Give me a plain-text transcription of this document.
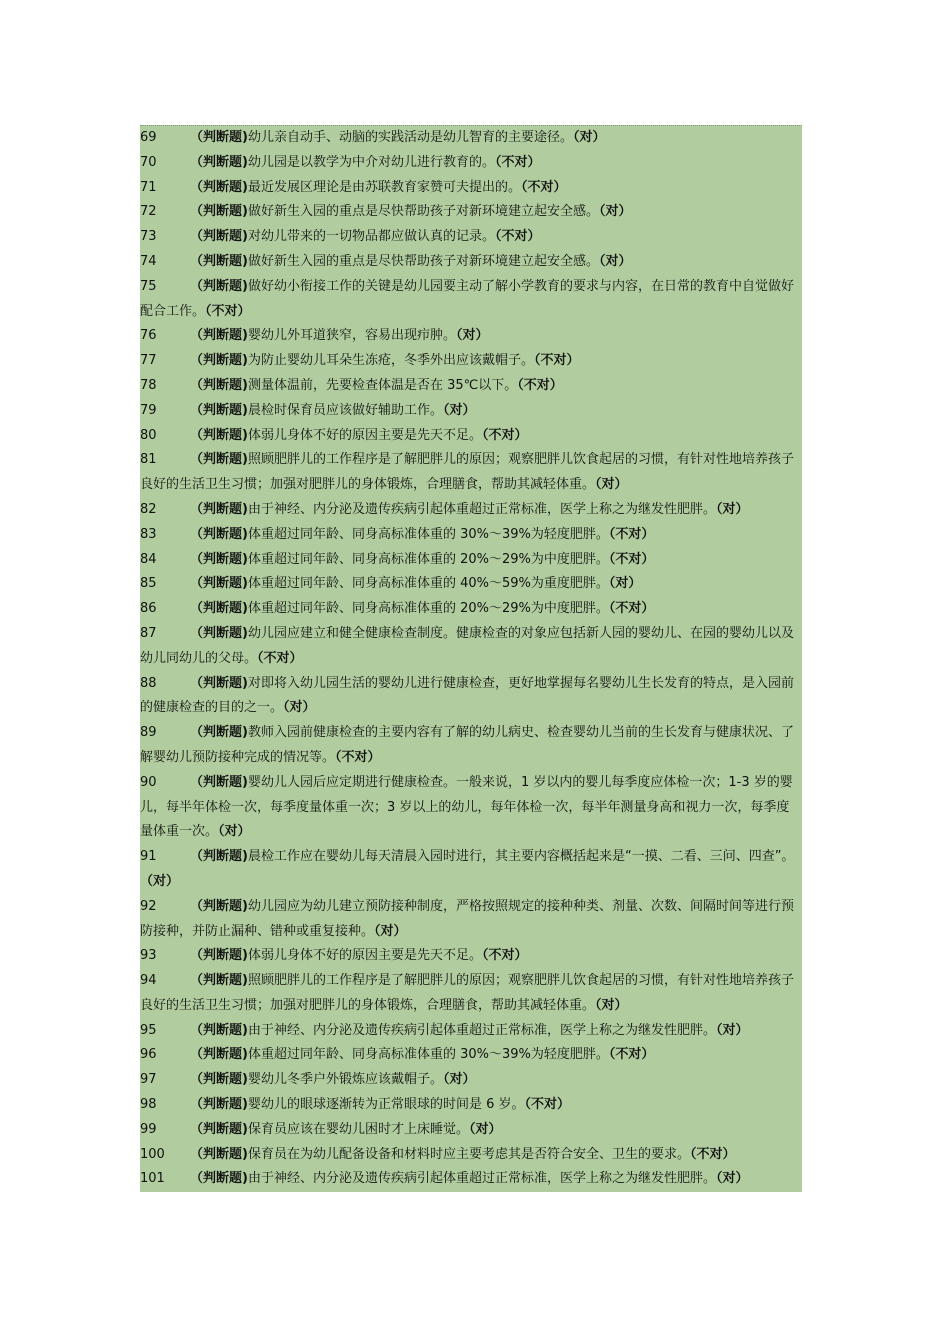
69	（判断题)幼儿亲自动手、动脑的实践活动是幼儿智育的主要途径。（对）
70	（判断题)幼儿园是以教学为中介对幼儿进行教育的。（不对）
71	（判断题)最近发展区理论是由苏联教育家赞可夫提出的。（不对）
72	（判断题)做好新生入园的重点是尽快帮助孩子对新环境建立起安全感。（对）
73	（判断题)对幼儿带来的一切物品都应做认真的记录。（不对）
74	（判断题)做好新生入园的重点是尽快帮助孩子对新环境建立起安全感。（对）
75	（判断题)做好幼小衔接工作的关键是幼儿园要主动了解小学教育的要求与内容，在日常的教育中自觉做好配合工作。（不对）
76	（判断题)婴幼儿外耳道狭窄，容易出现疖肿。（对）
77	（判断题)为防止婴幼儿耳朵生冻疮，冬季外出应该戴帽子。（不对）
78	（判断题)测量体温前，先要检查体温是否在 35℃以下。（不对）
79	（判断题)晨检时保育员应该做好辅助工作。（对）
80	（判断题)体弱儿身体不好的原因主要是先天不足。（不对）
81	（判断题)照顾肥胖儿的工作程序是了解肥胖儿的原因；观察肥胖儿饮食起居的习惯，有针对性地培养孩子良好的生活卫生习惯；加强对肥胖儿的身体锻炼，合理膳食，帮助其减轻体重。（对）
82	（判断题)由于神经、内分泌及遗传疾病引起体重超过正常标准，医学上称之为继发性肥胖。（对）
83	（判断题)体重超过同年龄、同身高标准体重的 30%～39%为轻度肥胖。（不对）
84	（判断题)体重超过同年龄、同身高标准体重的 20%～29%为中度肥胖。（不对）
85	（判断题)体重超过同年龄、同身高标准体重的 40%～59%为重度肥胖。（对）
86	（判断题)体重超过同年龄、同身高标准体重的 20%～29%为中度肥胖。（不对）
87	（判断题)幼儿园应建立和健全健康检查制度。健康检查的对象应包括新人园的婴幼儿、在园的婴幼儿以及幼儿同幼儿的父母。（不对）
88	（判断题)对即将入幼儿园生活的婴幼儿进行健康检查，更好地掌握每名婴幼儿生长发育的特点，是入园前的健康检查的目的之一。（对）
89	（判断题)教师入园前健康检查的主要内容有了解的幼儿病史、检查婴幼儿当前的生长发育与健康状况、了解婴幼儿预防接种完成的情况等。（不对）
90	（判断题)婴幼儿人园后应定期进行健康检查。一般来说，1 岁以内的婴儿每季度应体检一次；1-3 岁的婴儿，每半年体检一次，每季度量体重一次；3 岁以上的幼儿，每年体检一次，每半年测量身高和视力一次，每季度量体重一次。（对）
91	（判断题)晨检工作应在婴幼儿每天清晨入园时进行，其主要内容概括起来是“一摸、二看、三问、四查”。（对）
92	（判断题)幼儿园应为幼儿建立预防接种制度，严格按照规定的接种种类、剂量、次数、间隔时间等进行预防接种，并防止漏种、错种或重复接种。（对）
93	（判断题)体弱儿身体不好的原因主要是先天不足。（不对）
94	（判断题)照顾肥胖儿的工作程序是了解肥胖儿的原因；观察肥胖儿饮食起居的习惯，有针对性地培养孩子良好的生活卫生习惯；加强对肥胖儿的身体锻炼，合理膳食，帮助其减轻体重。（对）
95	（判断题)由于神经、内分泌及遗传疾病引起体重超过正常标准，医学上称之为继发性肥胖。（对）
96	（判断题)体重超过同年龄、同身高标准体重的 30%～39%为轻度肥胖。（不对）
97	（判断题)婴幼儿冬季户外锻炼应该戴帽子。（对）
98	（判断题)婴幼儿的眼球逐渐转为正常眼球的时间是 6 岁。（不对）
99	（判断题)保育员应该在婴幼儿困时才上床睡觉。（对）
100 （判断题)保育员在为幼儿配备设备和材料时应主要考虑其是否符合安全、卫生的要求。（不对）
101 （判断题)由于神经、内分泌及遗传疾病引起体重超过正常标准，医学上称之为继发性肥胖。（对）
